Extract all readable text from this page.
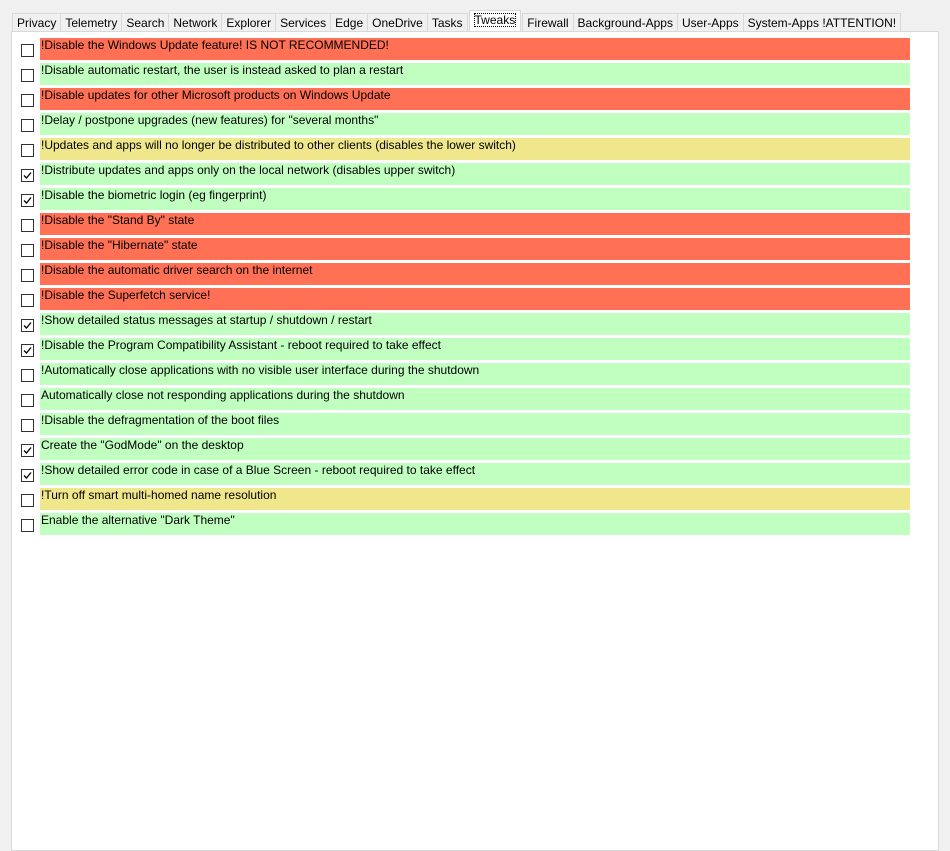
Privacy Telemetry Search Network Explorer Services Edge OneDrive Tasks	Tweaks	Firewall Background-Apps User-Apps System-Apps !ATTENTION!
!Disable the Windows Update feature! IS NOT RECOMMENDED!
!Disable automatic restart, the user is instead asked to plan a restart
!Disable updates for other Microsoft products on Windows Update
!Delay / postpone upgrades (new features) for "several months"
!Updates and apps will no longer be distributed to other clients (disables the lower switch)
!Distribute updates and apps only on the local network (disables upper switch)
!Disable the biometric login (eg fingerprint)
!Disable the "Stand By" state
!Disable the "Hibernate" state
!Disable the automatic driver search on the internet
!Disable the Superfetch service!
!Show detailed status messages at startup / shutdown / restart
!Disable the Program Compatibility Assistant - reboot required to take effect
!Automatically close applications with no visible user interface during the shutdown
Automatically close not responding applications during the shutdown
!Disable the defragmentation of the boot files
Create the "GodMode" on the desktop
!Show detailed error code in case of a Blue Screen - reboot required to take effect
!Turn off smart multi-homed name resolution
Enable the alternative "Dark Theme"
